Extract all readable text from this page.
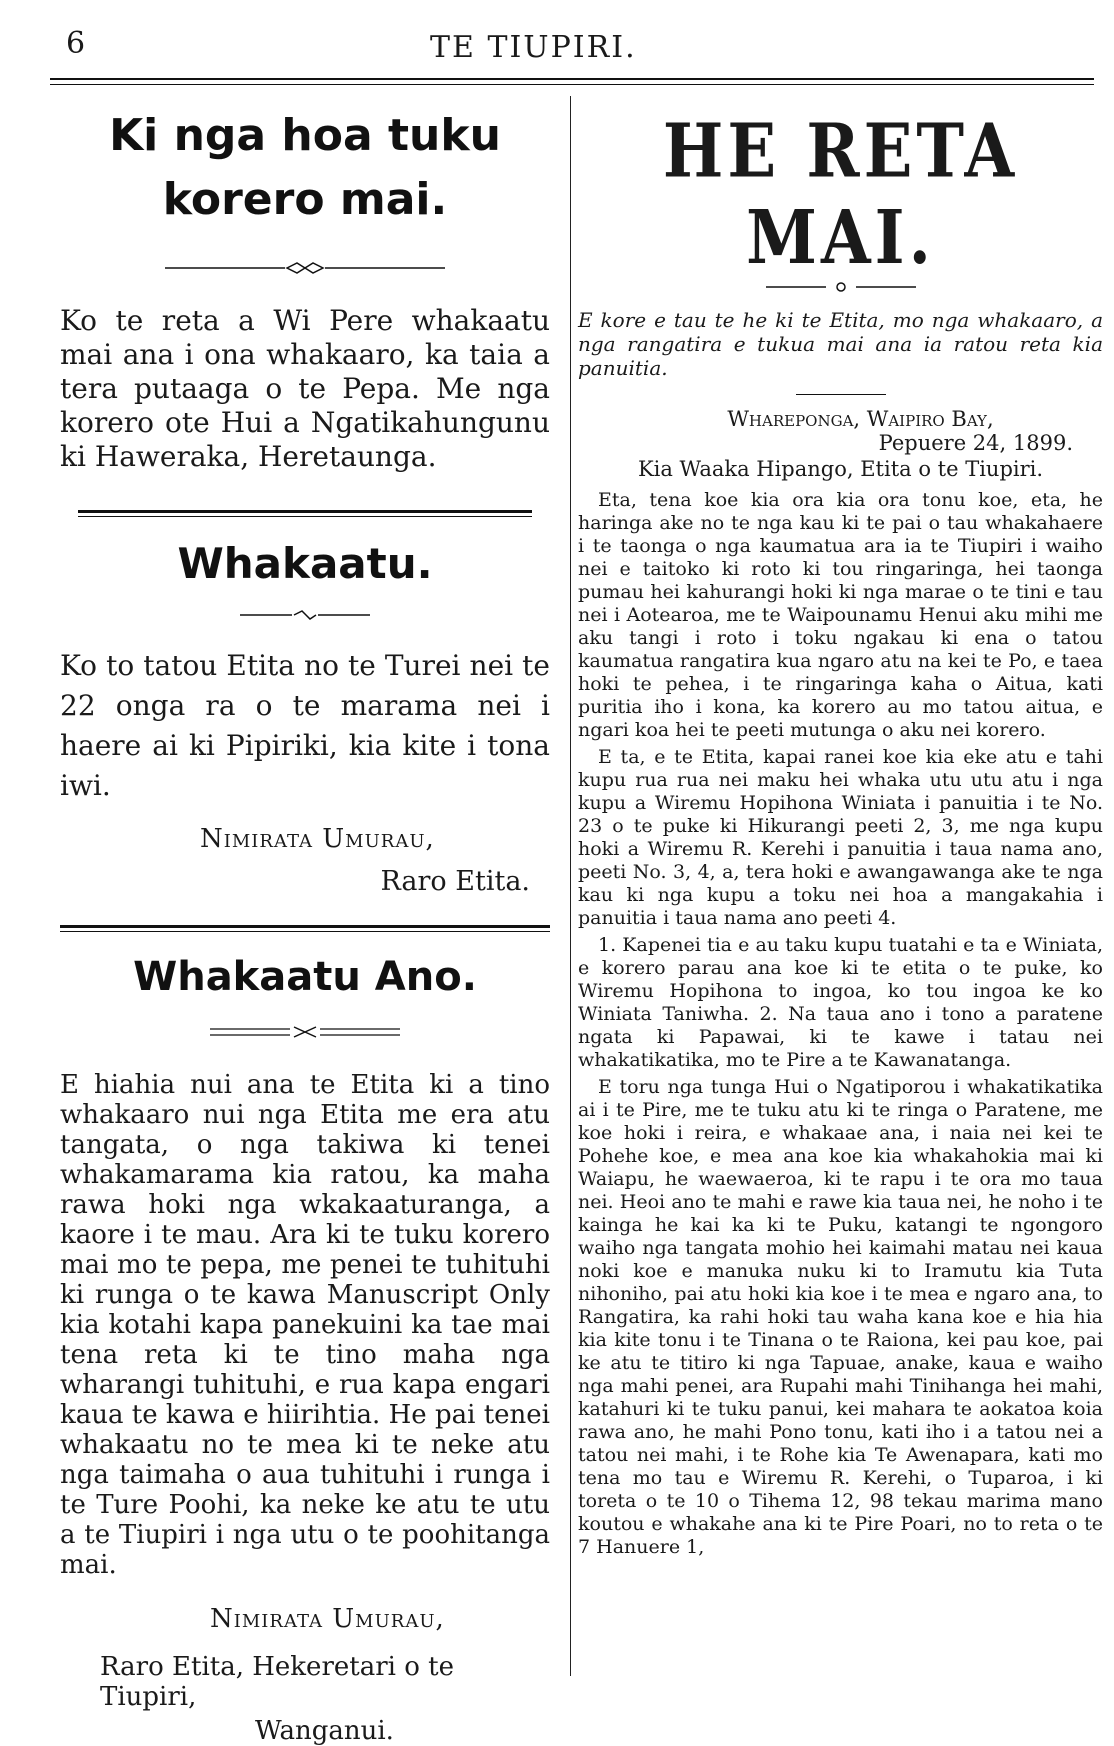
6	TE TIUPIRI.
Ki nga hoa tuku korero mai.

Ko te reta a Wi Pere whakaatu mai ana i ona whakaaro, ka taia a tera putaaga o te Pepa. Me nga korero ote Hui a Ngatikahungunu ki Haweraka, Heretaunga.

Whakaatu.

Ko to tatou Etita no te Turei nei te 22 onga ra o te marama nei i haere ai ki Pipiriki, kia kite i tona iwi.

Nimirata Umurau,
Raro Etita.
Whakaatu Ano.

E hiahia nui ana te Etita ki a tino whakaaro nui nga Etita me era atu tangata, o nga takiwa ki tenei whakamarama kia ratou, ka maha rawa hoki nga wkakaaturanga, a kaore i te mau. Ara ki te tuku korero mai mo te pepa, me penei te tuhituhi ki runga o te kawa Manuscript Only kia kotahi kapa panekuini ka tae mai tena reta ki te tino maha nga wharangi tuhituhi, e rua kapa engari kaua te kawa e hiirihtia. He pai tenei whakaatu no te mea ki te neke atu nga taimaha o aua tuhituhi i runga i te Ture Poohi, ka neke ke atu te utu a te Tiupiri i nga utu o te poohitanga mai.

Nimirata Umurau,
Raro Etita, Hekeretari o te Tiupiri,
Wanganui.
HE RETA MAI.

E kore e tau te he ki te Etita, mo nga whakaaro, a nga rangatira e tukua mai ana ia ratou reta kia panuitia.

Whareponga, Waipiro Bay,
Pepuere 24, 1899.
Kia Waaka Hipango, Etita o te Tiupiri.

Eta, tena koe kia ora kia ora tonu koe, eta, he haringa ake no te nga kau ki te pai o tau whakahaere i te taonga o nga kaumatua ara ia te Tiupiri i waiho nei e taitoko ki roto ki tou ringaringa, hei taonga pumau hei kahurangi hoki ki nga marae o te tini e tau nei i Aotearoa, me te Waipounamu Henui aku mihi me aku tangi i roto i toku ngakau ki ena o tatou kaumatua rangatira kua ngaro atu na kei te Po, e taea hoki te pehea, i te ringaringa kaha o Aitua, kati puritia iho i kona, ka korero au mo tatou aitua, e ngari koa hei te peeti mutunga o aku nei korero.

E ta, e te Etita, kapai ranei koe kia eke atu e tahi kupu rua rua nei maku hei whaka utu utu atu i nga kupu a Wiremu Hopihona Winiata i panuitia i te No. 23 o te puke ki Hikurangi peeti 2, 3, me nga kupu hoki a Wiremu R. Kerehi i panuitia i taua nama ano, peeti No. 3, 4, a, tera hoki e awangawanga ake te nga kau ki nga kupu a toku nei hoa a mangakahia i panuitia i taua nama ano peeti 4.

1. Kapenei tia e au taku kupu tuatahi e ta e Winiata, e korero parau ana koe ki te etita o te puke, ko Wiremu Hopihona to ingoa, ko tou ingoa ke ko Winiata Taniwha. 2. Na taua ano i tono a paratene ngata ki Papawai, ki te kawe i tatau nei whakatikatika, mo te Pire a te Kawanatanga.

E toru nga tunga Hui o Ngatiporou i whakatikatika ai i te Pire, me te tuku atu ki te ringa o Paratene, me koe hoki i reira, e whakaae ana, i naia nei kei te Pohehe koe, e mea ana koe kia whakahokia mai ki Waiapu, he waewaeroa, ki te rapu i te ora mo taua nei. Heoi ano te mahi e rawe kia taua nei, he noho i te kainga he kai ka ki te Puku, katangi te ngongoro waiho nga tangata mohio hei kaimahi matau nei kaua noki koe e manuka nuku ki to Iramutu kia Tuta nihoniho, pai atu hoki kia koe i te mea e ngaro ana, to Rangatira, ka rahi hoki tau waha kana koe e hia hia kia kite tonu i te Tinana o te Raiona, kei pau koe, pai ke atu te titiro ki nga Tapuae, anake, kaua e waiho nga mahi penei, ara Rupahi mahi Tinihanga hei mahi, katahuri ki te tuku panui, kei mahara te aokatoa koia rawa ano, he mahi Pono tonu, kati iho i a tatou nei a tatou nei mahi, i te Rohe kia Te Awenapara, kati mo tena mo tau e Wiremu R. Kerehi, o Tuparoa, i ki toreta o te 10 o Tihema 12, 98 tekau marima mano koutou e whakahe ana ki te Pire Poari, no to reta o te 7 Hanuere 1,
